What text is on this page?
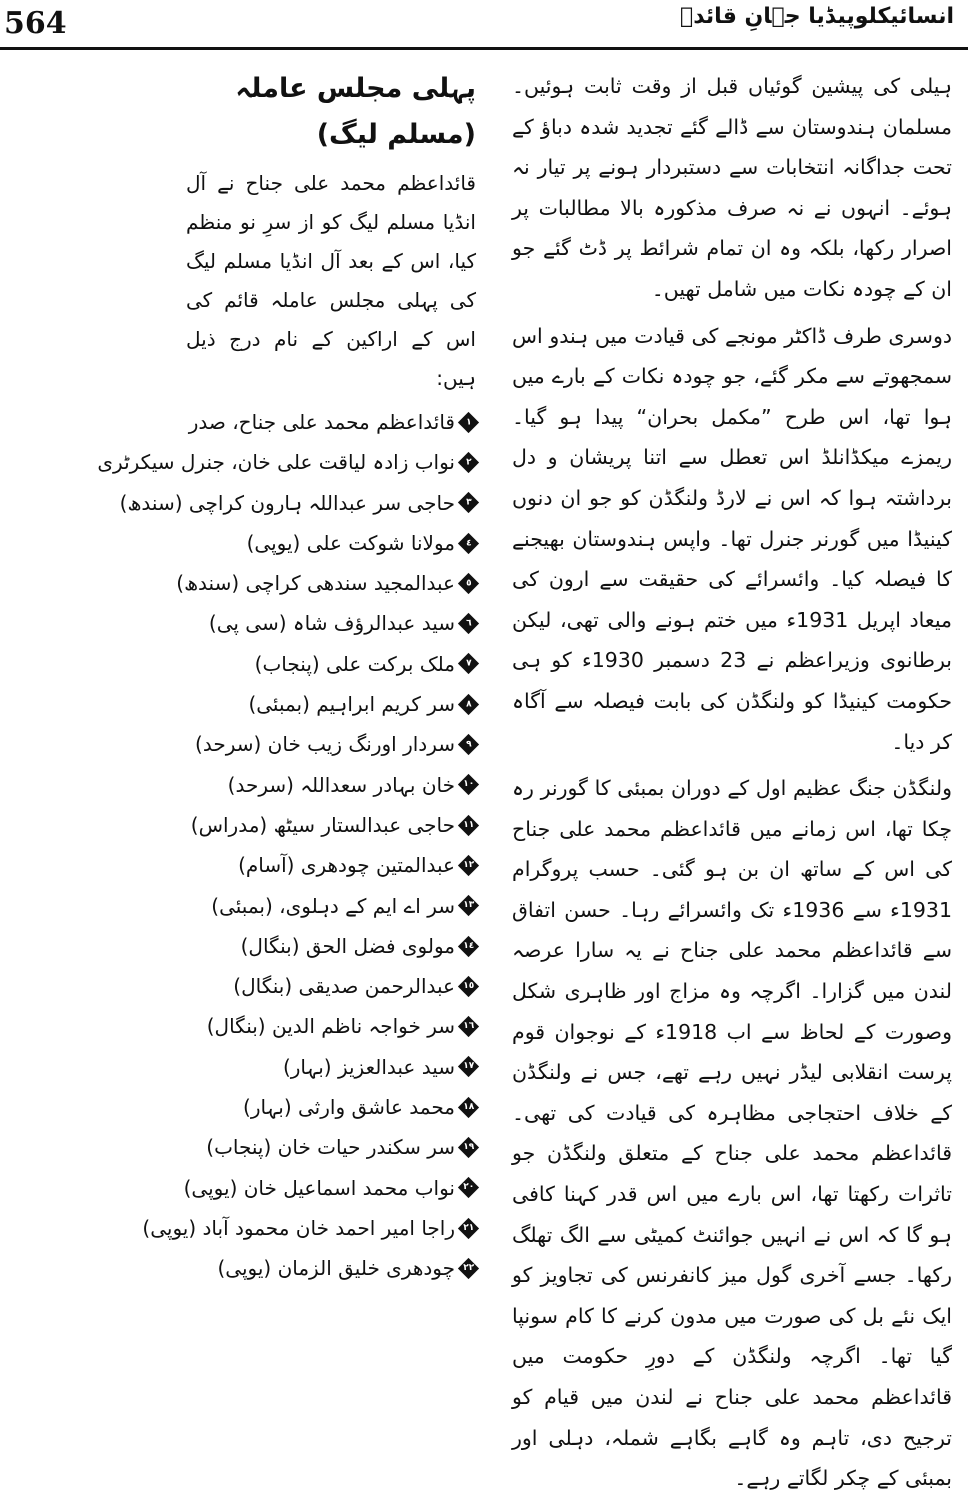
564	انسائیکلوپیڈیا جہانِ قائدؒ

ہیلی کی پیشین گوئیاں قبل از وقت ثابت ہوئیں۔ مسلمان ہندوستان سے ڈالے گئے تجدید شدہ دباؤ کے تحت جداگانہ انتخابات سے دستبردار ہونے پر تیار نہ ہوئے۔ انہوں نے نہ صرف مذکورہ بالا مطالبات پر اصرار رکھا، بلکہ وہ ان تمام شرائط پر ڈٹ گئے جو ان کے چودہ نکات میں شامل تھیں۔

دوسری طرف ڈاکٹر مونجے کی قیادت میں ہندو اس سمجھوتے سے مکر گئے، جو چودہ نکات کے بارے میں ہوا تھا، اس طرح ”مکمل بحران“ پیدا ہو گیا۔ ریمزے میکڈانلڈ اس تعطل سے اتنا پریشان و دل برداشتہ ہوا کہ اس نے لارڈ ولنگڈن کو جو ان دنوں کینیڈا میں گورنر جنرل تھا۔ واپس ہندوستان بھیجنے کا فیصلہ کیا۔ وائسرائے کی حقیقت سے ارون کی میعاد اپریل 1931ء میں ختم ہونے والی تھی، لیکن برطانوی وزیراعظم نے 23 دسمبر 1930ء کو ہی حکومت کینیڈا کو ولنگڈن کی بابت فیصلہ سے آگاہ کر دیا۔

ولنگڈن جنگ عظیم اول کے دوران بمبئی کا گورنر رہ چکا تھا، اس زمانے میں قائداعظم محمد علی جناح کی اس کے ساتھ ان بن ہو گئی۔ حسب پروگرام 1931ء سے 1936ء تک وائسرائے رہا۔ حسن اتفاق سے قائداعظم محمد علی جناح نے یہ سارا عرصہ لندن میں گزارا۔ اگرچہ وہ مزاج اور ظاہری شکل وصورت کے لحاظ سے اب 1918ء کے نوجوان قوم پرست انقلابی لیڈر نہیں رہے تھے، جس نے ولنگڈن کے خلاف احتجاجی مظاہرہ کی قیادت کی تھی۔ قائداعظم محمد علی جناح کے متعلق ولنگڈن جو تاثرات رکھتا تھا، اس بارے میں اس قدر کہنا کافی ہو گا کہ اس نے انہیں جوائنٹ کمیٹی سے الگ تھلگ رکھا۔ جسے آخری گول میز کانفرنس کی تجاویز کو ایک نئے بل کی صورت میں مدون کرنے کا کام سونپا گیا تھا۔ اگرچہ ولنگڈن کے دورِ حکومت میں قائداعظم محمد علی جناح نے لندن میں قیام کو ترجیح دی، تاہم وہ گاہے بگاہے شملہ، دہلی اور بمبئی کے چکر لگاتے رہے۔

پہلی مجلس عاملہ (مسلم لیگ)

قائداعظم محمد علی جناح نے آل انڈیا مسلم لیگ کو از سرِ نو منظم کیا، اس کے بعد آل انڈیا مسلم لیگ کی پہلی مجلس عاملہ قائم کی اس کے اراکین کے نام درج ذیل ہیں:

١
قائداعظم محمد علی جناح، صدر
٢
نواب زادہ لیاقت علی خان، جنرل سیکرٹری
٣
حاجی سر عبداللہ ہارون کراچی (سندھ)
٤
مولانا شوکت علی (یوپی)
٥
عبدالمجید سندھی کراچی (سندھ)
٦
سید عبدالرؤف شاہ (سی پی)
٧
ملک برکت علی (پنجاب)
٨
سر کریم ابراہیم (بمبئی)
٩
سردار اورنگ زیب خان (سرحد)
١٠
خان بہادر سعداللہ (سرحد)
١١
حاجی عبدالستار سیٹھ (مدراس)
١٢
عبدالمتین چودھری (آسام)
١٣
سر اے ایم کے دہلوی، (بمبئی)
١٤
مولوی فضل الحق (بنگال)
١٥
عبدالرحمن صدیقی (بنگال)
١٦
سر خواجہ ناظم الدین (بنگال)
١٧
سید عبدالعزیز (بہار)
١٨
محمد عاشق وارثی (بہار)
١٩
سر سکندر حیات خان (پنجاب)
٢٠
نواب محمد اسماعیل خان (یوپی)
٢١
راجا امیر احمد خان محمود آباد (یوپی)
٢٢
چودھری خلیق الزمان (یوپی)
